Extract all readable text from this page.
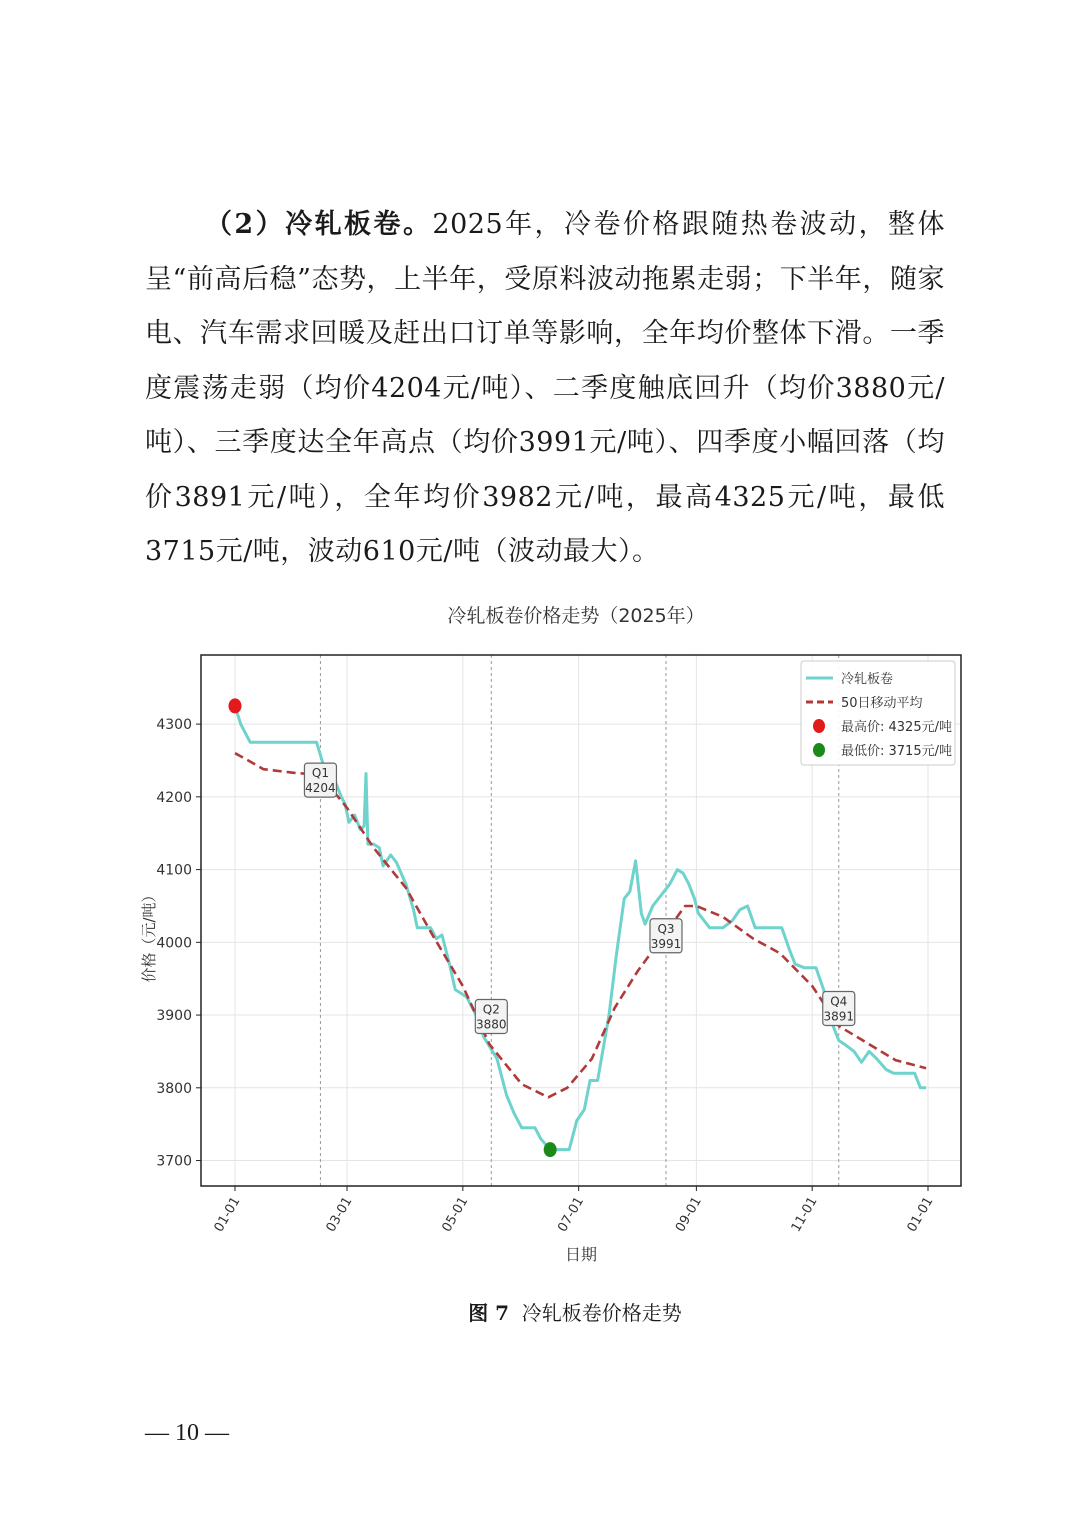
（2）冷轧板卷。2025年，冷卷价格跟随热卷波动，整体呈“前高后稳”态势，上半年，受原料波动拖累走弱；下半年，随家电、汽车需求回暖及赶出口订单等影响，全年均价整体下滑。一季度震荡走弱（均价4204元/吨）、二季度触底回升（均价3880元/吨）、三季度达全年高点（均价3991元/吨）、四季度小幅回落（均价3891元/吨），全年均价3982元/吨，最高4325元/吨，最低3715元/吨，波动610元/吨（波动最大）。
冷轧板卷价格走势（2025年）
Q1
4204
Q2
3880
Q3
3991
Q4
3891
3700
3800
3900
4000
4100
4200
4300
01-01	03-01	05-01	07-01	09-01	11-01	01-01
日期
价格（元/吨）
冷轧板卷
50日移动平均
最高价: 4325元/吨
最低价: 3715元/吨
图 7 冷轧板卷价格走势
— 10 —
